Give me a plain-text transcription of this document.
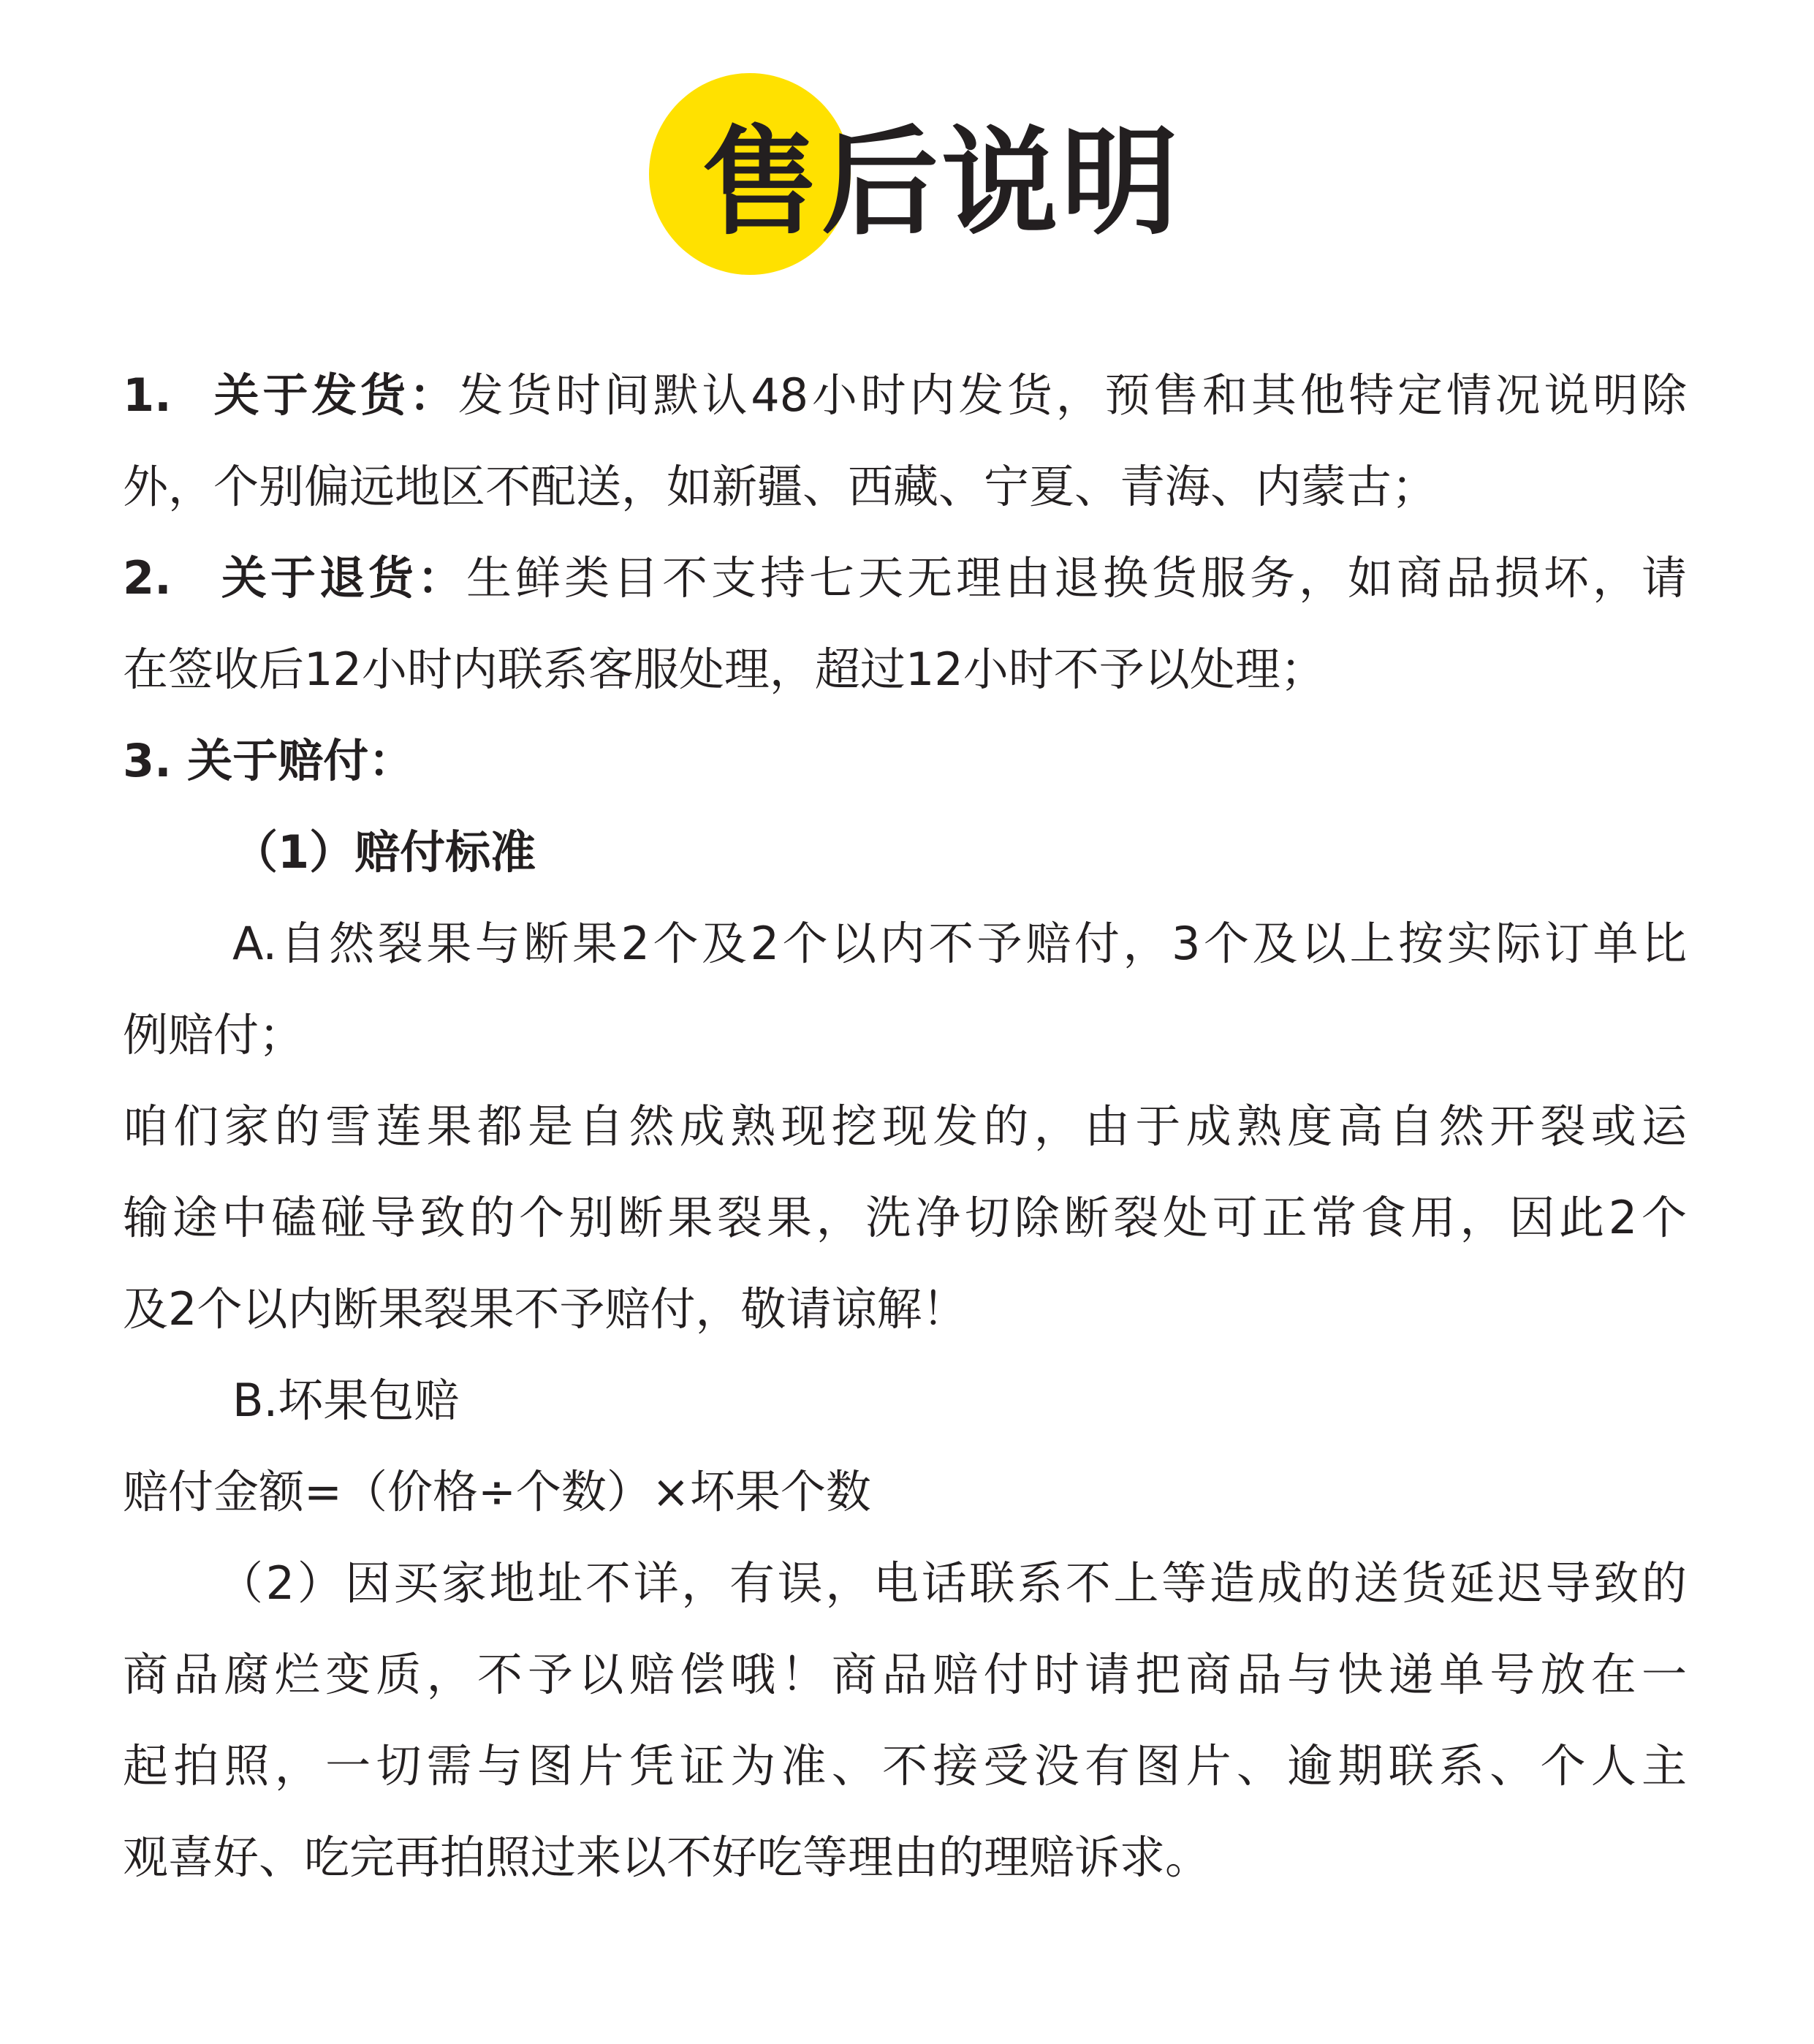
售后说明
1. 关于发货：发货时间默认48小时内发货，预售和其他特定情况说明除
外，个别偏远地区不配送，如新疆、西藏、宁夏、青海、内蒙古；
2. 关于退货：生鲜类目不支持七天无理由退换货服务，如商品损坏，请
在签收后12小时内联系客服处理，超过12小时不予以处理；
3. 关于赔付：
（1）赔付标准
A.自然裂果与断果2个及2个以内不予赔付，3个及以上按实际订单比
例赔付；
咱们家的雪莲果都是自然成熟现挖现发的，由于成熟度高自然开裂或运
输途中磕碰导致的个别断果裂果，洗净切除断裂处可正常食用，因此2个
及2个以内断果裂果不予赔付，敬请谅解！
B.坏果包赔
赔付金额=（价格÷个数）×坏果个数
（2）因买家地址不详，有误，电话联系不上等造成的送货延迟导致的
商品腐烂变质，不予以赔偿哦！商品赔付时请把商品与快递单号放在一
起拍照，一切需与图片凭证为准、不接受没有图片、逾期联系、个人主
观喜好、吃完再拍照过来以不好吃等理由的理赔诉求。
